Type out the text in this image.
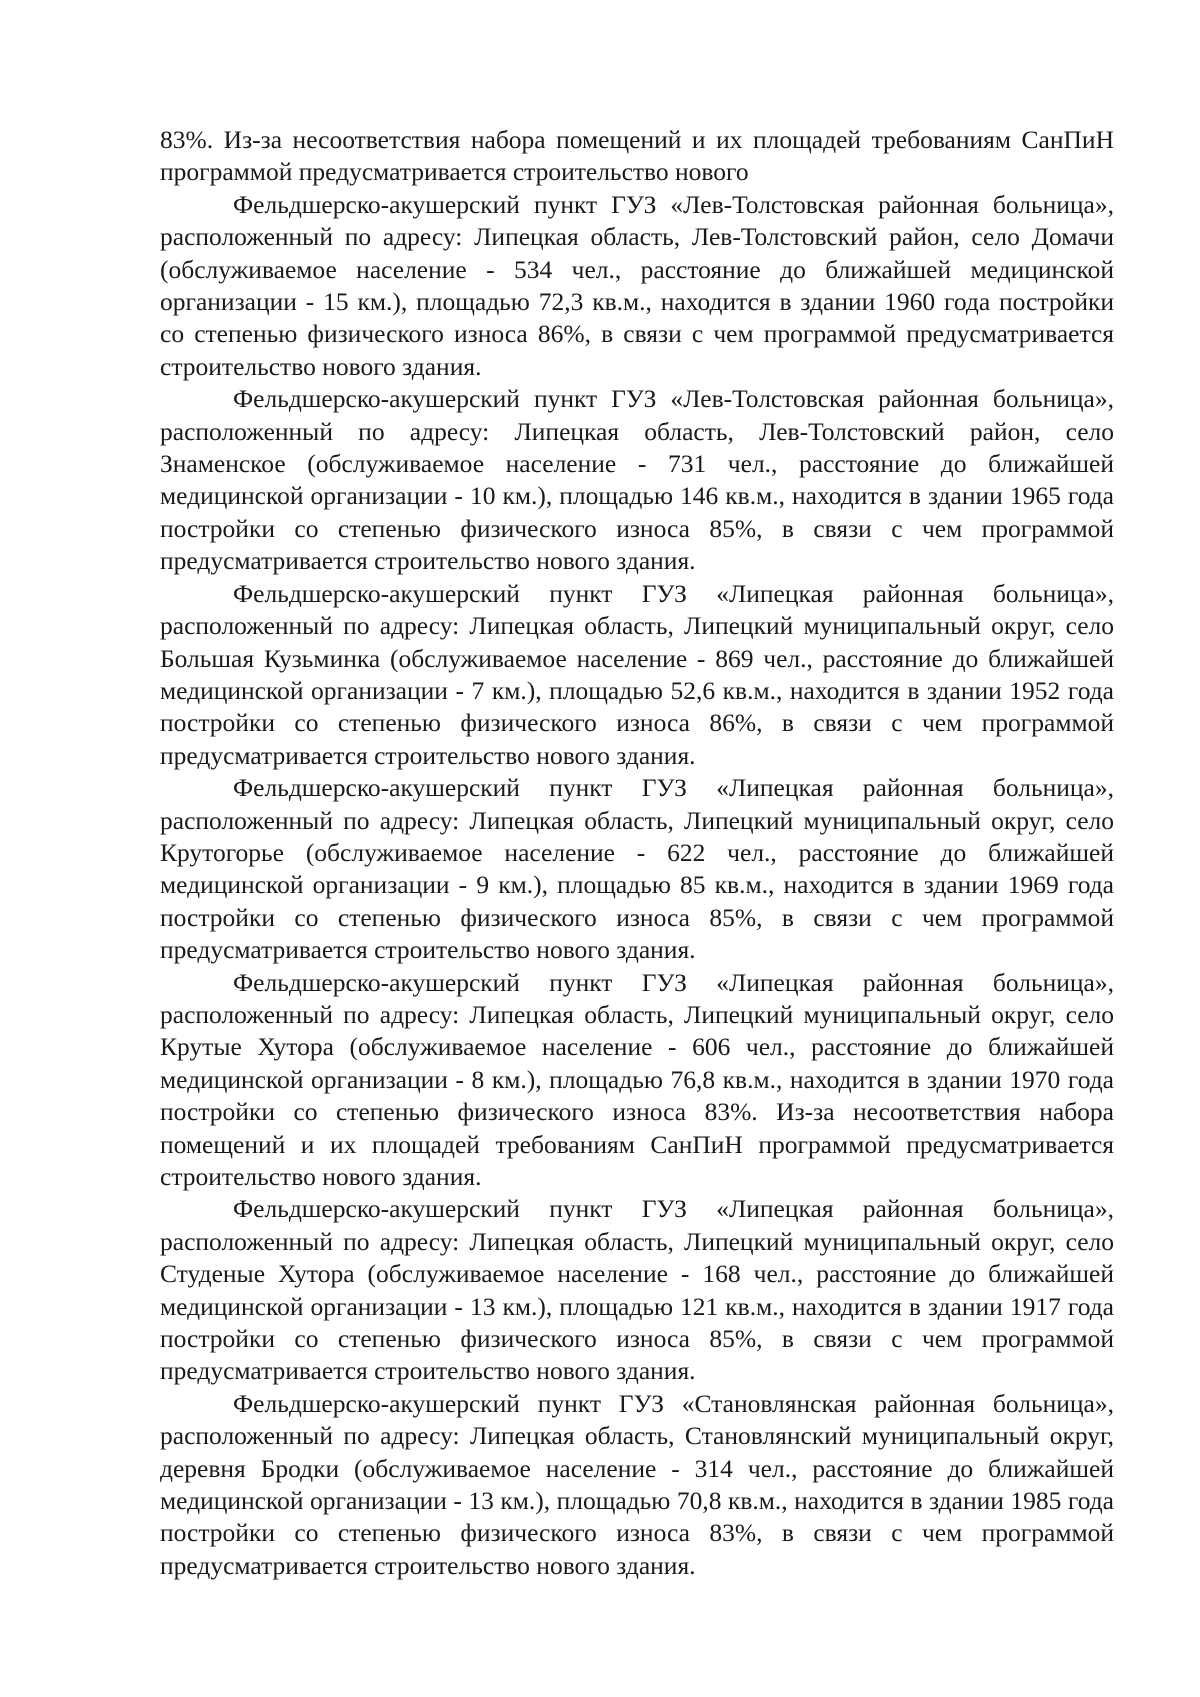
83%. Из-за несоответствия набора помещений и их площадей требованиям СанПиН программой предусматривается строительство нового

Фельдшерско-акушерский пункт ГУЗ «Лев-Толстовская районная больница», расположенный по адресу: Липецкая область, Лев-Толстовский район, село Домачи (обслуживаемое население - 534 чел., расстояние до ближайшей медицинской организации - 15 км.), площадью 72,3 кв.м., находится в здании 1960 года постройки со степенью физического износа 86%, в связи с чем программой предусматривается строительство нового здания.

Фельдшерско-акушерский пункт ГУЗ «Лев-Толстовская районная больница», расположенный по адресу: Липецкая область, Лев-Толстовский район, село Знаменское (обслуживаемое население - 731 чел., расстояние до ближайшей медицинской организации - 10 км.), площадью 146 кв.м., находится в здании 1965 года постройки со степенью физического износа 85%, в связи с чем программой предусматривается строительство нового здания.

Фельдшерско-акушерский пункт ГУЗ «Липецкая районная больница», расположенный по адресу: Липецкая область, Липецкий муниципальный округ, село Большая Кузьминка (обслуживаемое население - 869 чел., расстояние до ближайшей медицинской организации - 7 км.), площадью 52,6 кв.м., находится в здании 1952 года постройки со степенью физического износа 86%, в связи с чем программой предусматривается строительство нового здания.

Фельдшерско-акушерский пункт ГУЗ «Липецкая районная больница», расположенный по адресу: Липецкая область, Липецкий муниципальный округ, село Крутогорье (обслуживаемое население - 622 чел., расстояние до ближайшей медицинской организации - 9 км.), площадью 85 кв.м., находится в здании 1969 года постройки со степенью физического износа 85%, в связи с чем программой предусматривается строительство нового здания.

Фельдшерско-акушерский пункт ГУЗ «Липецкая районная больница», расположенный по адресу: Липецкая область, Липецкий муниципальный округ, село Крутые Хутора (обслуживаемое население - 606 чел., расстояние до ближайшей медицинской организации - 8 км.), площадью 76,8 кв.м., находится в здании 1970 года постройки со степенью физического износа 83%. Из-за несоответствия набора помещений и их площадей требованиям СанПиН программой предусматривается строительство нового здания.

Фельдшерско-акушерский пункт ГУЗ «Липецкая районная больница», расположенный по адресу: Липецкая область, Липецкий муниципальный округ, село Студеные Хутора (обслуживаемое население - 168 чел., расстояние до ближайшей медицинской организации - 13 км.), площадью 121 кв.м., находится в здании 1917 года постройки со степенью физического износа 85%, в связи с чем программой предусматривается строительство нового здания.

Фельдшерско-акушерский пункт ГУЗ «Становлянская районная больница», расположенный по адресу: Липецкая область, Становлянский муниципальный округ, деревня Бродки (обслуживаемое население - 314 чел., расстояние до ближайшей медицинской организации - 13 км.), площадью 70,8 кв.м., находится в здании 1985 года постройки со степенью физического износа 83%, в связи с чем программой предусматривается строительство нового здания.
